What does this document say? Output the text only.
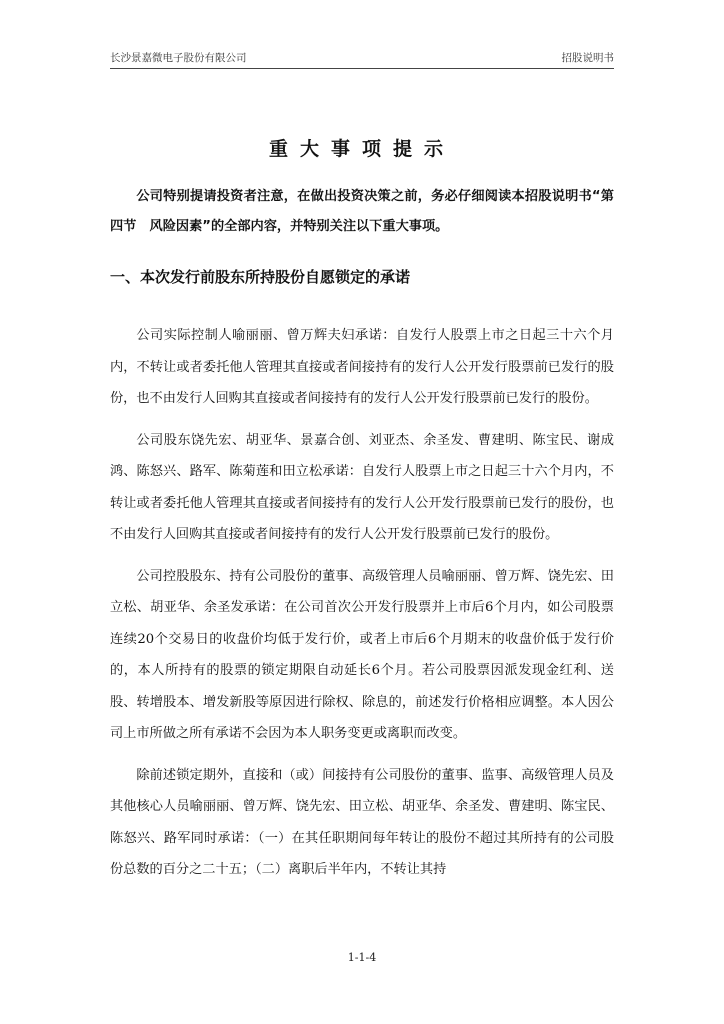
长沙景嘉微电子股份有限公司	招股说明书
重大事项提示

公司特别提请投资者注意，在做出投资决策之前，务必仔细阅读本招股说明书“第四节　风险因素”的全部内容，并特别关注以下重大事项。

一、本次发行前股东所持股份自愿锁定的承诺

公司实际控制人喻丽丽、曾万辉夫妇承诺：自发行人股票上市之日起三十六个月内，不转让或者委托他人管理其直接或者间接持有的发行人公开发行股票前已发行的股份，也不由发行人回购其直接或者间接持有的发行人公开发行股票前已发行的股份。

公司股东饶先宏、胡亚华、景嘉合创、刘亚杰、余圣发、曹建明、陈宝民、谢成鸿、陈怒兴、路军、陈菊莲和田立松承诺：自发行人股票上市之日起三十六个月内，不转让或者委托他人管理其直接或者间接持有的发行人公开发行股票前已发行的股份，也不由发行人回购其直接或者间接持有的发行人公开发行股票前已发行的股份。

公司控股股东、持有公司股份的董事、高级管理人员喻丽丽、曾万辉、饶先宏、田立松、胡亚华、余圣发承诺：在公司首次公开发行股票并上市后6个月内，如公司股票连续20个交易日的收盘价均低于发行价，或者上市后6个月期末的收盘价低于发行价的，本人所持有的股票的锁定期限自动延长6个月。若公司股票因派发现金红利、送股、转增股本、增发新股等原因进行除权、除息的，前述发行价格相应调整。本人因公司上市所做之所有承诺不会因为本人职务变更或离职而改变。

除前述锁定期外，直接和（或）间接持有公司股份的董事、监事、高级管理人员及其他核心人员喻丽丽、曾万辉、饶先宏、田立松、胡亚华、余圣发、曹建明、陈宝民、陈怒兴、路军同时承诺：（一）在其任职期间每年转让的股份不超过其所持有的公司股份总数的百分之二十五；（二）离职后半年内，不转让其持

1-1-4
